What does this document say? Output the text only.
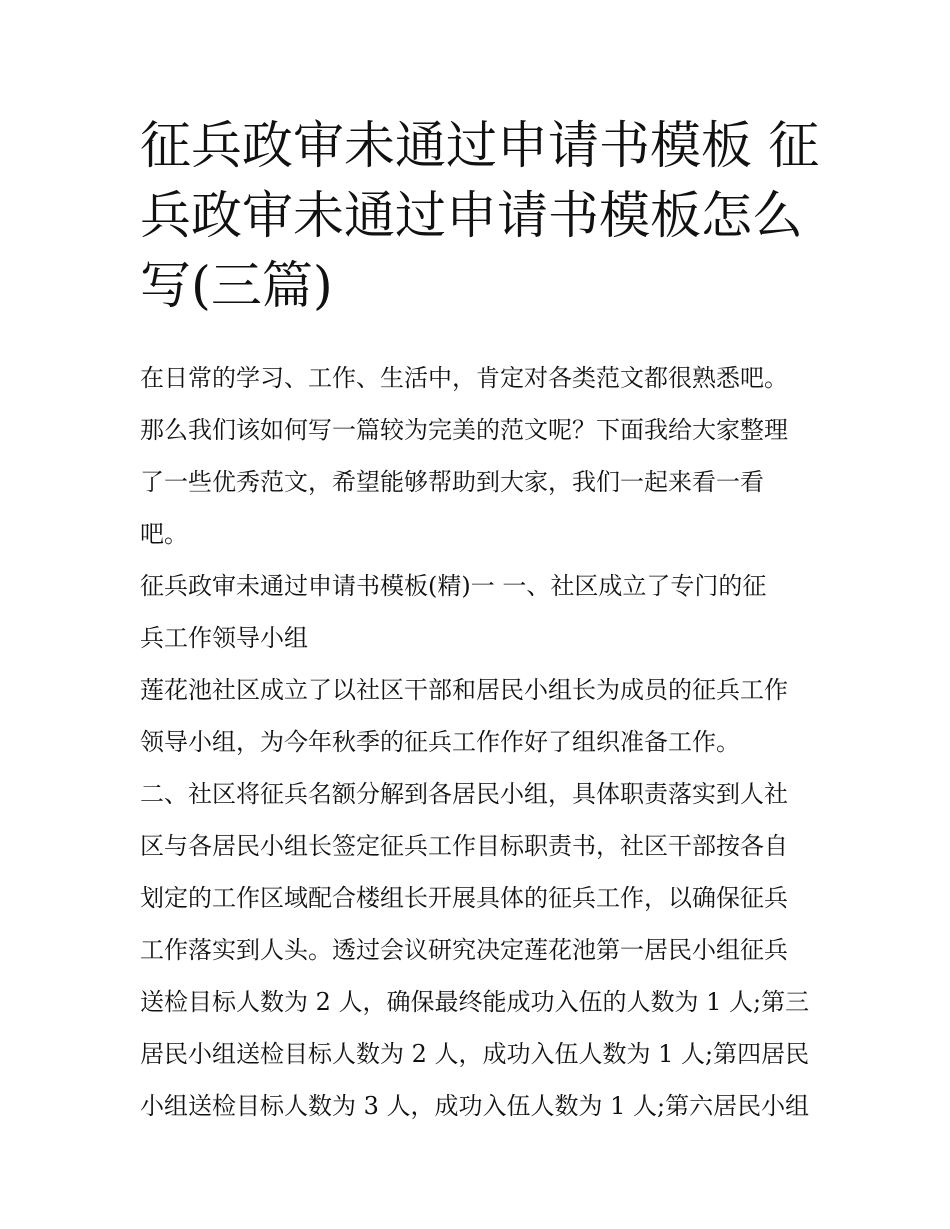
征兵政审未通过申请书模板 征
兵政审未通过申请书模板怎么
写(三篇)

在日常的学习、工作、生活中，肯定对各类范文都很熟悉吧。
那么我们该如何写一篇较为完美的范文呢？下面我给大家整理
了一些优秀范文，希望能够帮助到大家，我们一起来看一看
吧。

征兵政审未通过申请书模板(精)一 一、社区成立了专门的征
兵工作领导小组

莲花池社区成立了以社区干部和居民小组长为成员的征兵工作
领导小组，为今年秋季的征兵工作作好了组织准备工作。

二、社区将征兵名额分解到各居民小组，具体职责落实到人社
区与各居民小组长签定征兵工作目标职责书，社区干部按各自
划定的工作区域配合楼组长开展具体的征兵工作，以确保征兵
工作落实到人头。透过会议研究决定莲花池第一居民小组征兵
送检目标人数为 2 人，确保最终能成功入伍的人数为 1 人;第三
居民小组送检目标人数为 2 人，成功入伍人数为 1 人;第四居民
小组送检目标人数为 3 人，成功入伍人数为 1 人;第六居民小组
